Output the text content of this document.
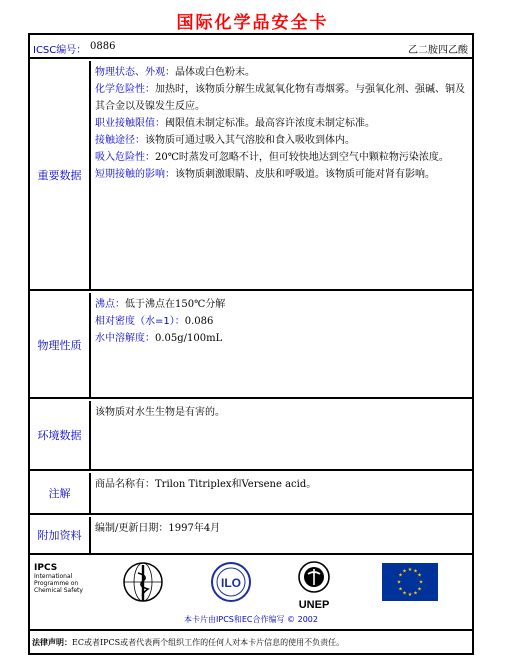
国际化学品安全卡
ICSC编号： 0886	乙二胺四乙酸
重要数据
物理状态、外观：晶体或白色粉末。
化学危险性：加热时，该物质分解生成氮氧化物有毒烟雾。与强氧化剂、强碱、铜及其合金以及镍发生反应。
职业接触限值：阈限值未制定标准。最高容许浓度未制定标准。
接触途径：该物质可通过吸入其气溶胶和食入吸收到体内。
吸入危险性：20℃时蒸发可忽略不计，但可较快地达到空气中颗粒物污染浓度。
短期接触的影响：该物质刺激眼睛、皮肤和呼吸道。该物质可能对肾有影响。
物理性质
沸点：低于沸点在150℃分解
相对密度（水=1）：0.086
水中溶解度：0.05g/100mL
环境数据
该物质对水生生物是有害的。
注解
商品名称有：Trilon Titriplex和Versene acid。
附加资料
编制/更新日期：1997年4月
IPCS
International
Programme on
Chemical Safety
ILO
UNEP
★ ★
★
★
★
★
★
★
★
★
★
★
本卡片由IPCS和EC合作编写 © 2002
法律声明：EC或者IPCS或者代表两个组织工作的任何人对本卡片信息的使用不负责任。
